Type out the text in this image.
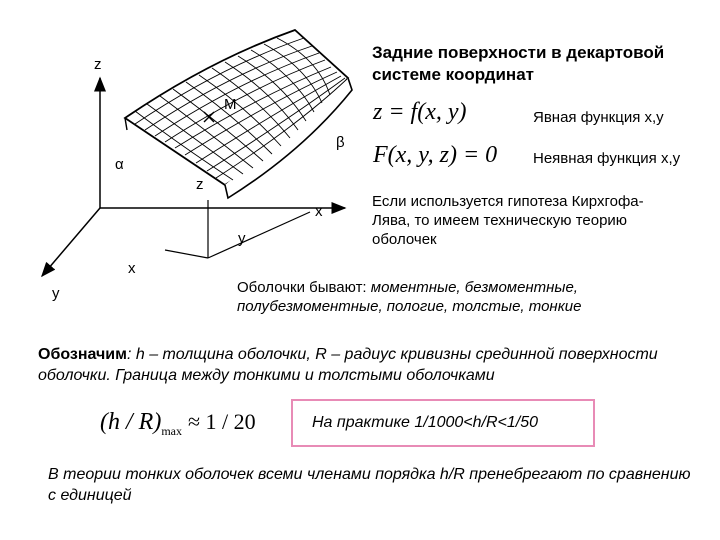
z
M
β
α
z
x
y
x
y
Задние поверхности в декартовой системе координат
z = f(x, y)	Явная функция x,y
F(x, y, z) = 0 Неявная функция x,y
Если используется гипотеза Кирхгофа-Лява, то имеем техническую теорию оболочек
Оболочки бывают: моментные, безмоментные, полубезмоментные, пологие, толстые, тонкие
Обозначим: h – толщина оболочки, R – радиус кривизны срединной поверхности оболочки. Граница между тонкими и толстыми оболочками
$(h / R)_{max} \approx 1 / 20$	На практике 1/1000<h/R<1/50
В теории тонких оболочек всеми членами порядка h/R пренебрегают по сравнению с единицей
